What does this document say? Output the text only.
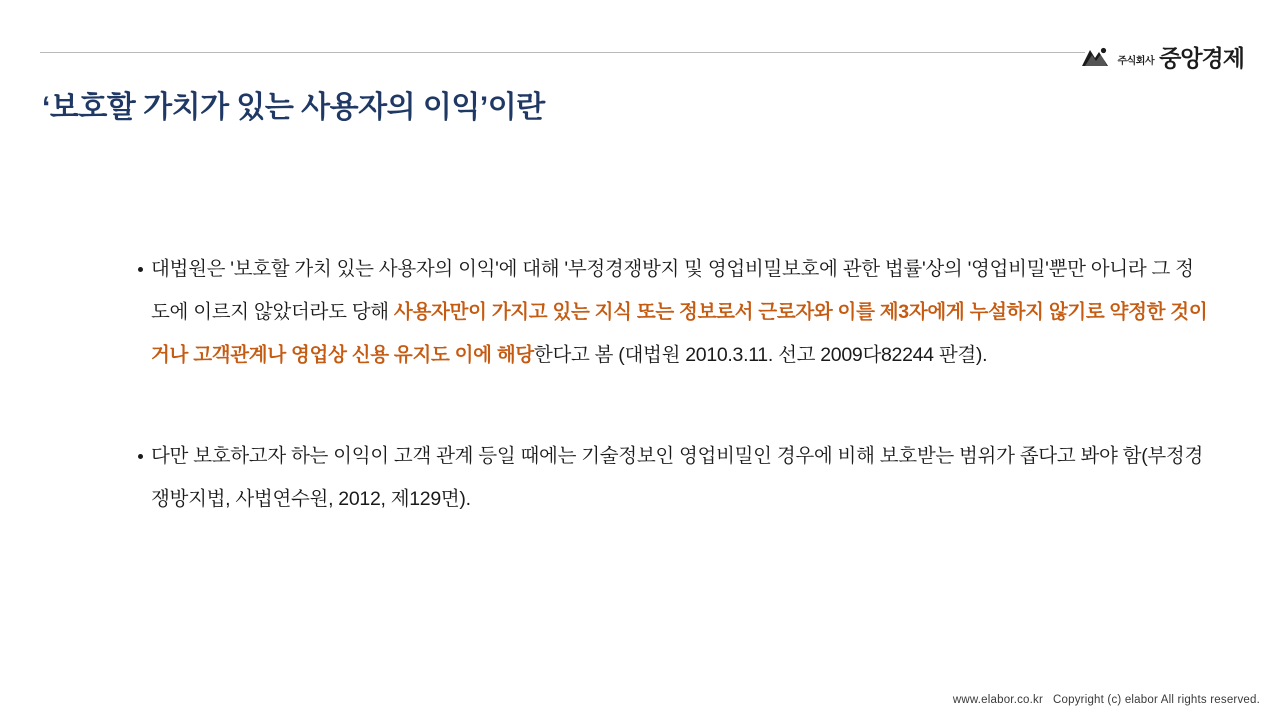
주식회사 중앙경제
‘보호할 가치가 있는 사용자의 이익’이란
대법원은 '보호할 가치 있는 사용자의 이익'에 대해 '부정경쟁방지 및 영업비밀보호에 관한 법률'상의 '영업비밀'뿐만 아니라 그 정도에 이르지 않았더라도 당해 사용자만이 가지고 있는 지식 또는 정보로서 근로자와 이를 제3자에게 누설하지 않기로 약정한 것이거나 고객관계나 영업상 신용 유지도 이에 해당한다고 봄 (대법원 2010.3.11. 선고 2009다82244 판결).
다만 보호하고자 하는 이익이 고객 관계 등일 때에는 기술정보인 영업비밀인 경우에 비해 보호받는 범위가 좁다고 봐야 함(부정경쟁방지법, 사법연수원, 2012, 제129면).
www.elabor.co.kr Copyright (c) elabor All rights reserved.
